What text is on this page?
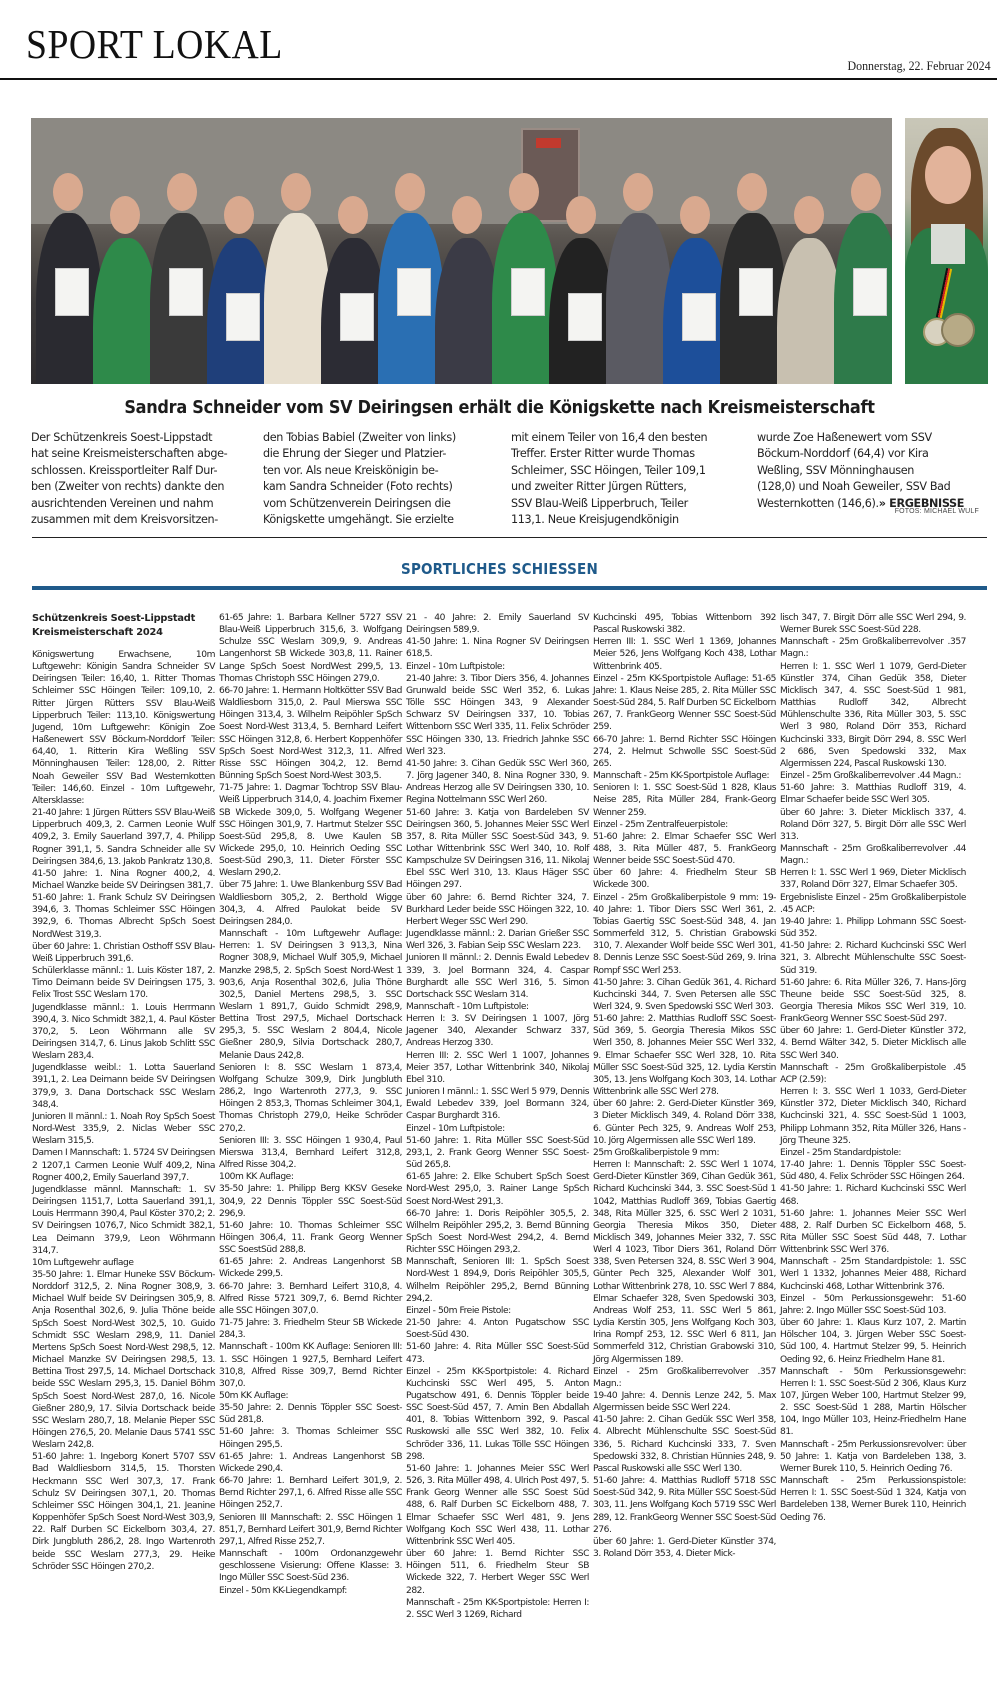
SPORT LOKAL	Donnerstag, 22. Februar 2024
Sandra Schneider vom SV Deiringsen erhält die Königskette nach Kreismeisterschaft
Der Schützenkreis Soest-Lippstadt
hat seine Kreismeisterschaften abge-
schlossen. Kreissportleiter Ralf Dur-
ben (Zweiter von rechts) dankte den
ausrichtenden Vereinen und nahm
zusammen mit dem Kreisvorsitzen-
den Tobias Babiel (Zweiter von links)
die Ehrung der Sieger und Platzier-
ten vor. Als neue Kreiskönigin be-
kam Sandra Schneider (Foto rechts)
vom Schützenverein Deiringsen die
Königskette umgehängt. Sie erzielte
mit einem Teiler von 16,4 den besten
Treffer. Erster Ritter wurde Thomas
Schleimer, SSC Höingen, Teiler 109,1
und zweiter Ritter Jürgen Rütters,
SSV Blau-Weiß Lipperbruch, Teiler
113,1. Neue Kreisjugendkönigin
wurde Zoe Haßenewert vom SSV
Böckum-Norddorf (64,4) vor Kira
Weßling, SSV Mönninghausen
(128,0) und Noah Geweiler, SSV Bad
Westernkotten (146,6).» ERGEBNISSE
FOTOS: MICHAEL WULF
SPORTLICHES SCHIESSEN
Schützenkreis Soest-Lippstadt
Kreismeisterschaft 2024

Königswertung Erwachsene, 10m Luftgewehr: Königin Sandra Schneider SV Deiringsen Teiler: 16,40, 1. Ritter Thomas Schleimer SSC Höingen Teiler: 109,10, 2. Ritter Jürgen Rütters SSV Blau-Weiß Lipperbruch Teiler: 113,10. Königswertung Jugend, 10m Luftgewehr: Königin Zoe Haßenewert SSV Böckum-Norddorf Teiler: 64,40, 1. Ritterin Kira Weßling SSV Mönninghausen Teiler: 128,00, 2. Ritter Noah Geweiler SSV Bad Westernkotten Teiler: 146,60. Einzel - 10m Luftgewehr, Altersklasse:

21-40 Jahre: 1 Jürgen Rütters SSV Blau-Weiß Lipperbruch 409,3, 2. Carmen Leonie Wulf 409,2, 3. Emily Sauerland 397,7, 4. Philipp Rogner 391,1, 5. Sandra Schneider alle SV Deiringsen 384,6, 13. Jakob Pankratz 130,8.

41-50 Jahre: 1. Nina Rogner 400,2, 4. Michael Wanzke beide SV Deiringsen 381,7.

51-60 Jahre: 1. Frank Schulz SV Deiringsen 394,6, 3. Thomas Schleimer SSC Höingen 392,9, 6. Thomas Albrecht SpSch Soest NordWest 319,3.

über 60 Jahre: 1. Christian Osthoff SSV Blau-Weiß Lipperbruch 391,6.

Schülerklasse männl.: 1. Luis Köster 187, 2. Timo Deimann beide SV Deiringsen 175, 3. Felix Trost SSC Weslarn 170.

Jugendklasse männl.: 1. Louis Herrmann 390,4, 3. Nico Schmidt 382,1, 4. Paul Köster 370,2, 5. Leon Wöhrmann alle SV Deiringsen 314,7, 6. Linus Jakob Schlitt SSC Weslarn 283,4.

Jugendklasse weibl.: 1. Lotta Sauerland 391,1, 2. Lea Deimann beide SV Deiringsen 379,9, 3. Dana Dortschack SSC Weslarn 348,4.

Junioren II männl.: 1. Noah Roy SpSch Soest Nord-West 335,9, 2. Niclas Weber SSC Weslarn 315,5.

Damen I Mannschaft: 1. 5724 SV Deiringsen 2 1207,1 Carmen Leonie Wulf 409,2, Nina Rogner 400,2, Emily Sauerland 397,7.

Jugendklasse männl. Mannschaft: 1. SV Deiringsen 1151,7, Lotta Sauerland 391,1, Louis Herrmann 390,4, Paul Köster 370,2; 2. SV Deiringsen 1076,7, Nico Schmidt 382,1, Lea Deimann 379,9, Leon Wöhrmann 314,7.

10m Luftgewehr auflage

35-50 Jahre: 1. Elmar Huneke SSV Böckum-Norddorf 312,5, 2. Nina Rogner 308,9, 3. Michael Wulf beide SV Deiringsen 305,9, 8. Anja Rosenthal 302,6, 9. Julia Thöne beide SpSch Soest Nord-West 302,5, 10. Guido Schmidt SSC Weslarn 298,9, 11. Daniel Mertens SpSch Soest Nord-West 298,5, 12. Michael Manzke SV Deiringsen 298,5, 13. Bettina Trost 297,5, 14. Michael Dortschack beide SSC Weslarn 295,3, 15. Daniel Böhm SpSch Soest Nord-West 287,0, 16. Nicole Gießner 280,9, 17. Silvia Dortschack beide SSC Weslarn 280,7, 18. Melanie Pieper SSC Höingen 276,5, 20. Melanie Daus 5741 SSC Weslarn 242,8.

51-60 Jahre: 1. Ingeborg Konert 5707 SSV Bad Waldliesborn 314,5, 15. Thorsten Heckmann SSC Werl 307,3, 17. Frank Schulz SV Deiringsen 307,1, 20. Thomas Schleimer SSC Höingen 304,1, 21. Jeanine Koppenhöfer SpSch Soest Nord-West 303,9, 22. Ralf Durben SC Eickelborn 303,4, 27. Dirk Jungbluth 286,2, 28. Ingo Wartenroth beide SSC Weslarn 277,3, 29. Heike Schröder SSC Höingen 270,2.

61-65 Jahre: 1. Barbara Kellner 5727 SSV Blau-Weiß Lipperbruch 315,6, 3. Wolfgang Schulze SSC Weslarn 309,9, 9. Andreas Langenhorst SB Wickede 303,8, 11. Rainer Lange SpSch Soest NordWest 299,5, 13. Thomas Christoph SSC Höingen 279,0.

66-70 Jahre: 1. Hermann Holtkötter SSV Bad Waldliesborn 315,0, 2. Paul Mierswa SSC Höingen 313,4, 3. Wilhelm Reipöhler SpSch Soest Nord-West 313,4, 5. Bernhard Leifert SSC Höingen 312,8, 6. Herbert Koppenhöfer SpSch Soest Nord-West 312,3, 11. Alfred Risse SSC Höingen 304,2, 12. Bernd Bünning SpSch Soest Nord-West 303,5.

71-75 Jahre: 1. Dagmar Tochtrop SSV Blau-Weiß Lipperbruch 314,0, 4. Joachim Fixemer SB Wickede 309,0, 5. Wolfgang Wegener SSC Höingen 301,9, 7. Hartmut Stelzer SSC Soest-Süd 295,8, 8. Uwe Kaulen SB Wickede 295,0, 10. Heinrich Oeding SSC Soest-Süd 290,3, 11. Dieter Förster SSC Weslarn 290,2.

über 75 Jahre: 1. Uwe Blankenburg SSV Bad Waldliesborn 305,2, 2. Berthold Wigge 304,3, 4. Alfred Paulokat beide SV Deiringsen 284,0.

Mannschaft - 10m Luftgewehr Auflage: Herren: 1. SV Deiringsen 3 913,3, Nina Rogner 308,9, Michael Wulf 305,9, Michael Manzke 298,5, 2. SpSch Soest Nord-West 1 903,6, Anja Rosenthal 302,6, Julia Thöne 302,5, Daniel Mertens 298,5, 3. SSC Weslarn 1 891,7, Guido Schmidt 298,9, Bettina Trost 297,5, Michael Dortschack 295,3, 5. SSC Weslarn 2 804,4, Nicole Gießner 280,9, Silvia Dortschack 280,7, Melanie Daus 242,8.

Senioren I: 8. SSC Weslarn 1 873,4, Wolfgang Schulze 309,9, Dirk Jungbluth 286,2, Ingo Wartenroth 277,3, 9. SSC Höingen 2 853,3, Thomas Schleimer 304,1, Thomas Christoph 279,0, Heike Schröder 270,2.

Senioren III: 3. SSC Höingen 1 930,4, Paul Mierswa 313,4, Bernhard Leifert 312,8, Alfred Risse 304,2.

100m KK Auflage:

35-50 Jahre: 1. Philipp Berg KKSV Geseke 304,9, 22 Dennis Töppler SSC Soest-Süd 296,9.

51-60 Jahre: 10. Thomas Schleimer SSC Höingen 306,4, 11. Frank Georg Wenner SSC SoestSüd 288,8.

61-65 Jahre: 2. Andreas Langenhorst SB Wickede 299,5.

66-70 Jahre: 3. Bernhard Leifert 310,8, 4. Alfred Risse 5721 309,7, 6. Bernd Richter alle SSC Höingen 307,0.

71-75 Jahre: 3. Friedhelm Steur SB Wickede 284,3.

Mannschaft - 100m KK Auflage: Senioren III: 1. SSC Höingen 1 927,5, Bernhard Leifert 310,8, Alfred Risse 309,7, Bernd Richter 307,0.

50m KK Auflage:

35-50 Jahre: 2. Dennis Töppler SSC Soest-Süd 281,8.

51-60 Jahre: 3. Thomas Schleimer SSC Höingen 295,5.

61-65 Jahre: 1. Andreas Langenhorst SB Wickede 290,4.

66-70 Jahre: 1. Bernhard Leifert 301,9, 2. Bernd Richter 297,1, 6. Alfred Risse alle SSC Höingen 252,7.

Senioren III Mannschaft: 2. SSC Höingen 1 851,7, Bernhard Leifert 301,9, Bernd Richter 297,1, Alfred Risse 252,7.

Mannschaft - 100m Ordonanzgewehr geschlossene Visierung: Offene Klasse: 3. Ingo Müller SSC Soest-Süd 236.

Einzel - 50m KK-Liegendkampf:

21 - 40 Jahre: 2. Emily Sauerland SV Deiringsen 589,9.

41-50 Jahre: 1. Nina Rogner SV Deiringsen 618,5.

Einzel - 10m Luftpistole:

21-40 Jahre: 3. Tibor Diers 356, 4. Johannes Grunwald beide SSC Werl 352, 6. Lukas Tölle SSC Höingen 343, 9 Alexander Schwarz SV Deiringsen 337, 10. Tobias Wittenborn SSC Werl 335, 11. Felix Schröder SSC Höingen 330, 13. Friedrich Jahnke SSC Werl 323.

41-50 Jahre: 3. Cihan Gedük SSC Werl 360, 7. Jörg Jagener 340, 8. Nina Rogner 330, 9. Andreas Herzog alle SV Deiringsen 330, 10. Regina Nottelmann SSC Werl 260.

51-60 Jahre: 3. Katja von Bardeleben SV Deiringsen 360, 5. Johannes Meier SSC Werl 357, 8. Rita Müller SSC Soest-Süd 343, 9. Lothar Wittenbrink SSC Werl 340, 10. Rolf Kampschulze SV Deiringsen 316, 11. Nikolaj Ebel SSC Werl 310, 13. Klaus Häger SSC Höingen 297.

über 60 Jahre: 6. Bernd Richter 324, 7. Burkhard Leder beide SSC Höingen 322, 10. Herbert Weger SSC Werl 290.

Jugendklasse männl.: 2. Darian Grießer SSC Werl 326, 3. Fabian Seip SSC Weslarn 223.

Junioren II männl.: 2. Dennis Ewald Lebedev 339, 3. Joel Bormann 324, 4. Caspar Burghardt alle SSC Werl 316, 5. Simon Dortschack SSC Weslarn 314.

Mannschaft - 10m Luftpistole:

Herren I: 3. SV Deiringsen 1 1007, Jörg Jagener 340, Alexander Schwarz 337, Andreas Herzog 330.

Herren III: 2. SSC Werl 1 1007, Johannes Meier 357, Lothar Wittenbrink 340, Nikolaj Ebel 310.

Junioren I männl.: 1. SSC Werl 5 979, Dennis Ewald Lebedev 339, Joel Bormann 324, Caspar Burghardt 316.

Einzel - 10m Luftpistole:

51-60 Jahre: 1. Rita Müller SSC Soest-Süd 293,1, 2. Frank Georg Wenner SSC Soest-Süd 265,8.

61-65 Jahre: 2. Elke Schubert SpSch Soest Nord-West 295,0, 3. Rainer Lange SpSch Soest Nord-West 291,3.

66-70 Jahre: 1. Doris Reipöhler 305,5, 2. Wilhelm Reipöhler 295,2, 3. Bernd Bünning SpSch Soest Nord-West 294,2, 4. Bernd Richter SSC Höingen 293,2.

Mannschaft, Senioren III: 1. SpSch Soest Nord-West 1 894,9, Doris Reipöhler 305,5, Wilhelm Reipöhler 295,2, Bernd Bünning 294,2.

Einzel - 50m Freie Pistole:

21-50 Jahre: 4. Anton Pugatschow SSC Soest-Süd 430.

51-60 Jahre: 4. Rita Müller SSC Soest-Süd 473.

Einzel - 25m KK-Sportpistole: 4. Richard Kuchcinski SSC Werl 495, 5. Anton Pugatschow 491, 6. Dennis Töppler beide SSC Soest-Süd 457, 7. Amin Ben Abdallah 401, 8. Tobias Wittenborn 392, 9. Pascal Ruskowski alle SSC Werl 382, 10. Felix Schröder 336, 11. Lukas Tölle SSC Höingen 298.

51-60 Jahre: 1. Johannes Meier SSC Werl 526, 3. Rita Müller 498, 4. Ulrich Post 497, 5. Frank Georg Wenner alle SSC Soest Süd 488, 6. Ralf Durben SC Eickelborn 488, 7. Elmar Schaefer SSC Werl 481, 9. Jens Wolfgang Koch SSC Werl 438, 11. Lothar Wittenbrink SSC Werl 405.

über 60 Jahre: 1. Bernd Richter SSC Höingen 511, 6. Friedhelm Steur SB Wickede 322, 7. Herbert Weger SSC Werl 282.

Mannschaft - 25m KK-Sportpistole: Herren I: 2. SSC Werl 3 1269, Richard

Kuchcinski 495, Tobias Wittenborn 392 Pascal Ruskowski 382.

Herren III: 1. SSC Werl 1 1369, Johannes Meier 526, Jens Wolfgang Koch 438, Lothar Wittenbrink 405.

Einzel - 25m KK-Sportpistole Auflage: 51-65 Jahre: 1. Klaus Neise 285, 2. Rita Müller SSC Soest-Süd 284, 5. Ralf Durben SC Eickelborn 267, 7. FrankGeorg Wenner SSC Soest-Süd 259.

66-70 Jahre: 1. Bernd Richter SSC Höingen 274, 2. Helmut Schwolle SSC Soest-Süd 265.

Mannschaft - 25m KK-Sportpistole Auflage:

Senioren I: 1. SSC Soest-Süd 1 828, Klaus Neise 285, Rita Müller 284, Frank-Georg Wenner 259.

Einzel - 25m Zentralfeuerpistole:

51-60 Jahre: 2. Elmar Schaefer SSC Werl 488, 3. Rita Müller 487, 5. FrankGeorg Wenner beide SSC Soest-Süd 470.

über 60 Jahre: 4. Friedhelm Steur SB Wickede 300.

Einzel - 25m Großkaliberpistole 9 mm: 19-40 Jahre: 1. Tibor Diers SSC Werl 361, 2. Tobias Gaertig SSC Soest-Süd 348, 4. Jan Sommerfeld 312, 5. Christian Grabowski 310, 7. Alexander Wolf beide SSC Werl 301, 8. Dennis Lenze SSC Soest-Süd 269, 9. Irina Rompf SSC Werl 253.

41-50 Jahre: 3. Cihan Gedük 361, 4. Richard Kuchcinski 344, 7. Sven Petersen alle SSC Werl 324, 9. Sven Spedowski SSC Werl 303.

51-60 Jahre: 2. Matthias Rudloff SSC Soest-Süd 369, 5. Georgia Theresia Mikos SSC Werl 350, 8. Johannes Meier SSC Werl 332, 9. Elmar Schaefer SSC Werl 328, 10. Rita Müller SSC Soest-Süd 325, 12. Lydia Kerstin 305, 13. Jens Wolfgang Koch 303, 14. Lothar Wittenbrink alle SSC Werl 278.

über 60 Jahre: 2. Gerd-Dieter Künstler 369, 3 Dieter Micklisch 349, 4. Roland Dörr 338, 6. Günter Pech 325, 9. Andreas Wolf 253, 10. Jörg Algermissen alle SSC Werl 189.

25m Großkaliberpistole 9 mm:

Herren I: Mannschaft: 2. SSC Werl 1 1074, Gerd-Dieter Künstler 369, Cihan Gedük 361, Richard Kuchcinski 344, 3. SSC Soest-Süd 1 1042, Matthias Rudloff 369, Tobias Gaertig 348, Rita Müller 325, 6. SSC Werl 2 1031, Georgia Theresia Mikos 350, Dieter Micklisch 349, Johannes Meier 332, 7. SSC Werl 4 1023, Tibor Diers 361, Roland Dörr 338, Sven Petersen 324, 8. SSC Werl 3 904, Günter Pech 325, Alexander Wolf 301, Lothar Wittenbrink 278, 10. SSC Werl 7 884, Elmar Schaefer 328, Sven Spedowski 303, Andreas Wolf 253, 11. SSC Werl 5 861, Lydia Kerstin 305, Jens Wolfgang Koch 303, Irina Rompf 253, 12. SSC Werl 6 811, Jan Sommerfeld 312, Christian Grabowski 310, Jörg Algermissen 189.

Einzel - 25m Großkaliberrevolver .357 Magn.:

19-40 Jahre: 4. Dennis Lenze 242, 5. Max Algermissen beide SSC Werl 224.

41-50 Jahre: 2. Cihan Gedük SSC Werl 358, 4. Albrecht Mühlenschulte SSC Soest-Süd 336, 5. Richard Kuchcinski 333, 7. Sven Spedowski 332, 8. Christian Hünnies 248, 9. Pascal Ruskowski alle SSC Werl 130.

51-60 Jahre: 4. Matthias Rudloff 5718 SSC Soest-Süd 342, 9. Rita Müller SSC Soest-Süd 303, 11. Jens Wolfgang Koch 5719 SSC Werl 289, 12. FrankGeorg Wenner SSC Soest-Süd 276.

über 60 Jahre: 1. Gerd-Dieter Künstler 374, 3. Roland Dörr 353, 4. Dieter Mick-

lisch 347, 7. Birgit Dörr alle SSC Werl 294, 9. Werner Burek SSC Soest-Süd 228.

Mannschaft - 25m Großkaliberrevolver .357 Magn.:

Herren I: 1. SSC Werl 1 1079, Gerd-Dieter Künstler 374, Cihan Gedük 358, Dieter Micklisch 347, 4. SSC Soest-Süd 1 981, Matthias Rudloff 342, Albrecht Mühlenschulte 336, Rita Müller 303, 5. SSC Werl 3 980, Roland Dörr 353, Richard Kuchcinski 333, Birgit Dörr 294, 8. SSC Werl 2 686, Sven Spedowski 332, Max Algermissen 224, Pascal Ruskowski 130.

Einzel - 25m Großkaliberrevolver .44 Magn.:

51-60 Jahre: 3. Matthias Rudloff 319, 4. Elmar Schaefer beide SSC Werl 305.

über 60 Jahre: 3. Dieter Micklisch 337, 4. Roland Dörr 327, 5. Birgit Dörr alle SSC Werl 313.

Mannschaft - 25m Großkaliberrevolver .44 Magn.:

Herren I: 1. SSC Werl 1 969, Dieter Micklisch 337, Roland Dörr 327, Elmar Schaefer 305.

Ergebnisliste Einzel - 25m Großkaliberpistole .45 ACP:

19-40 Jahre: 1. Philipp Lohmann SSC Soest-Süd 352.

41-50 Jahre: 2. Richard Kuchcinski SSC Werl 321, 3. Albrecht Mühlenschulte SSC Soest-Süd 319.

51-60 Jahre: 6. Rita Müller 326, 7. Hans-Jörg Theune beide SSC Soest-Süd 325, 8. Georgia Theresia Mikos SSC Werl 319, 10. FrankGeorg Wenner SSC Soest-Süd 297.

über 60 Jahre: 1. Gerd-Dieter Künstler 372, 4. Bernd Wälter 342, 5. Dieter Micklisch alle SSC Werl 340.

Mannschaft - 25m Großkaliberpistole .45 ACP (2.59):

Herren I: 3. SSC Werl 1 1033, Gerd-Dieter Künstler 372, Dieter Micklisch 340, Richard Kuchcinski 321, 4. SSC Soest-Süd 1 1003, Philipp Lohmann 352, Rita Müller 326, Hans - Jörg Theune 325.

Einzel - 25m Standardpistole:

17-40 Jahre: 1. Dennis Töppler SSC Soest-Süd 480, 4. Felix Schröder SSC Höingen 264.

41-50 Jahre: 1. Richard Kuchcinski SSC Werl 468.

51-60 Jahre: 1. Johannes Meier SSC Werl 488, 2. Ralf Durben SC Eickelborn 468, 5. Rita Müller SSC Soest Süd 448, 7. Lothar Wittenbrink SSC Werl 376.

Mannschaft - 25m Standardpistole: 1. SSC Werl 1 1332, Johannes Meier 488, Richard Kuchcinski 468, Lothar Wittenbrink 376.

Einzel - 50m Perkussionsgewehr: 51-60 Jahre: 2. Ingo Müller SSC Soest-Süd 103.

über 60 Jahre: 1. Klaus Kurz 107, 2. Martin Hölscher 104, 3. Jürgen Weber SSC Soest-Süd 100, 4. Hartmut Stelzer 99, 5. Heinrich Oeding 92, 6. Heinz Friedhelm Hane 81.

Mannschaft - 50m Perkussionsgewehr: Herren I: 1. SSC Soest-Süd 2 306, Klaus Kurz 107, Jürgen Weber 100, Hartmut Stelzer 99, 2. SSC Soest-Süd 1 288, Martin Hölscher 104, Ingo Müller 103, Heinz-Friedhelm Hane 81.

Mannschaft - 25m Perkussionsrevolver: über 50 Jahre: 1. Katja von Bardeleben 138, 3. Werner Burek 110, 5. Heinrich Oeding 76.

Mannschaft - 25m Perkussionspistole: Herren I: 1. SSC Soest-Süd 1 324, Katja von Bardeleben 138, Werner Burek 110, Heinrich Oeding 76.
